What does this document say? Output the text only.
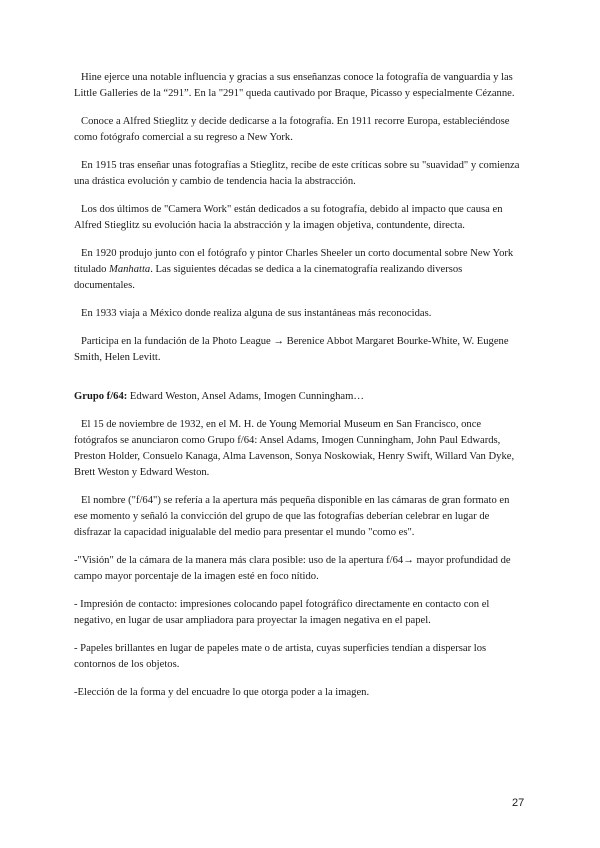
Hine ejerce una notable influencia y gracias a sus enseñanzas conoce la fotografía de vanguardia y las Little Galleries de la “291”. En la "291" queda cautivado por Braque, Picasso y especialmente Cézanne.

Conoce a Alfred Stieglitz y decide dedicarse a la fotografía. En 1911 recorre Europa, estableciéndose como fotógrafo comercial a su regreso a New York.

En 1915 tras enseñar unas fotografías a Stieglitz, recibe de este críticas sobre su "suavidad" y comienza una drástica evolución y cambio de tendencia hacia la abstracción.

Los dos últimos de "Camera Work" están dedicados a su fotografía, debido al impacto que causa en Alfred Stieglitz su evolución hacia la abstracción y la imagen objetiva, contundente, directa.

En 1920 produjo junto con el fotógrafo y pintor Charles Sheeler un corto documental sobre New York titulado Manhatta. Las siguientes décadas se dedica a la cinematografía realizando diversos documentales.

En 1933 viaja a México donde realiza alguna de sus instantáneas más reconocidas.

Participa en la fundación de la Photo League → Berenice Abbot Margaret Bourke-White, W. Eugene Smith, Helen Levitt.

Grupo f/64: Edward Weston, Ansel Adams, Imogen Cunningham…

El 15 de noviembre de 1932, en el M. H. de Young Memorial Museum en San Francisco, once fotógrafos se anunciaron como Grupo f/64: Ansel Adams, Imogen Cunningham, John Paul Edwards, Preston Holder, Consuelo Kanaga, Alma Lavenson, Sonya Noskowiak, Henry Swift, Willard Van Dyke, Brett Weston y Edward Weston.

El nombre ("f/64") se refería a la apertura más pequeña disponible en las cámaras de gran formato en ese momento y señaló la convicción del grupo de que las fotografías deberían celebrar en lugar de disfrazar la capacidad inigualable del medio para presentar el mundo "como es".

-"Visión" de la cámara de la manera más clara posible: uso de la apertura f/64→ mayor profundidad de campo mayor porcentaje de la imagen esté en foco nítido.

- Impresión de contacto: impresiones colocando papel fotográfico directamente en contacto con el negativo, en lugar de usar ampliadora para proyectar la imagen negativa en el papel.

- Papeles brillantes en lugar de papeles mate o de artista, cuyas superficies tendían a dispersar los contornos de los objetos.

-Elección de la forma y del encuadre lo que otorga poder a la imagen.

27
